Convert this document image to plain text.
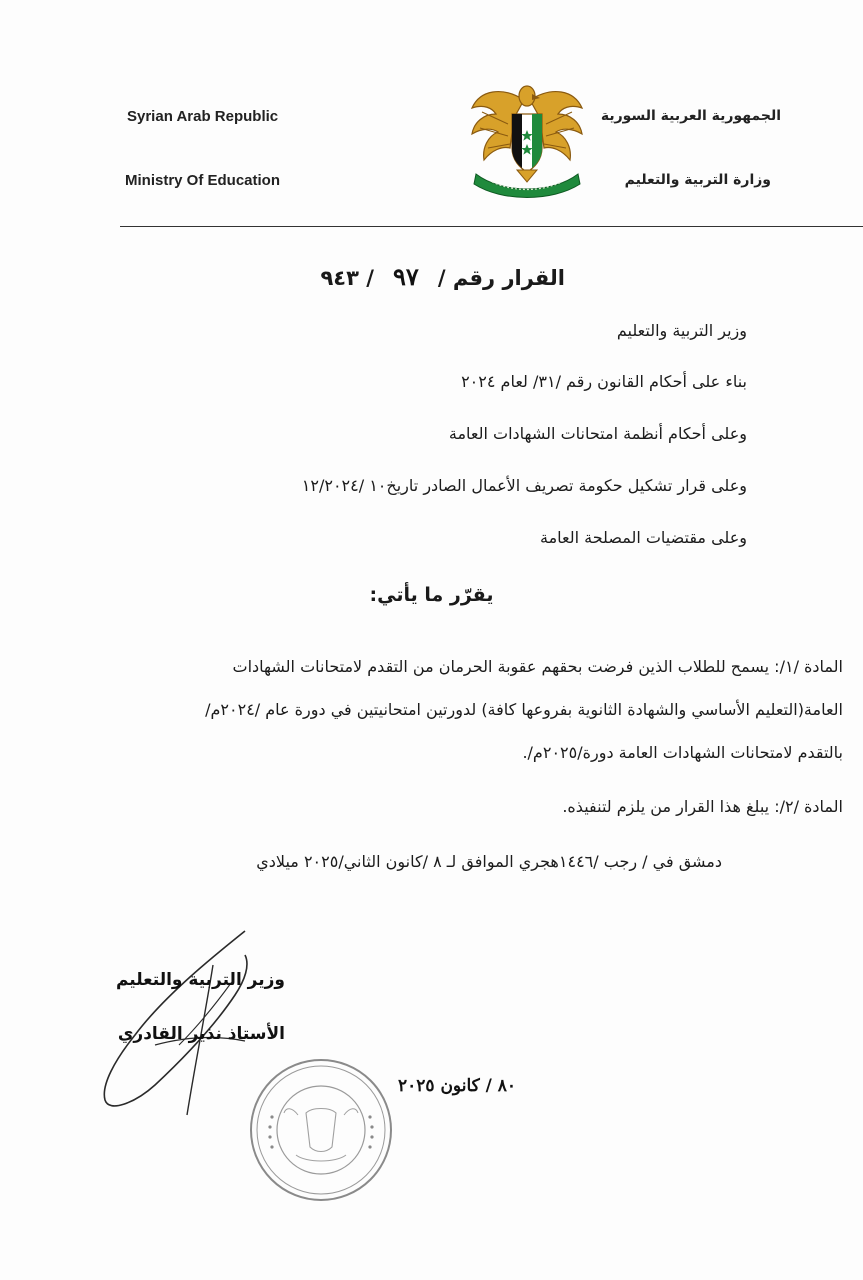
Syrian Arab Republic
Ministry Of Education
الجمهورية العربية السورية
وزارة التربية والتعليم
القرار رقم / ٩٧ / ٩٤٣
وزير التربية والتعليم
بناء على أحكام القانون رقم /٣١/ لعام ٢٠٢٤
وعلى أحكام أنظمة امتحانات الشهادات العامة
وعلى قرار تشكيل حكومة تصريف الأعمال الصادر تاريخ١٠ /١٢/٢٠٢٤
وعلى مقتضيات المصلحة العامة
يقرّر ما يأتي:
المادة /١/: يسمح للطلاب الذين فرضت بحقهم عقوبة الحرمان من التقدم لامتحانات الشهادات
العامة(التعليم الأساسي والشهادة الثانوية بفروعها كافة) لدورتين امتحانيتين في دورة عام /٢٠٢٤م/
بالتقدم لامتحانات الشهادات العامة دورة/٢٠٢٥م/.
المادة /٢/: يبلغ هذا القرار من يلزم لتنفيذه.
دمشق في / رجب /١٤٤٦هجري الموافق لـ ٨ /كانون الثاني/٢٠٢٥ ميلادي
وزير التربية والتعليم
الأستاذ نذير القادري
٨٠ / كانون ٢٠٢٥
